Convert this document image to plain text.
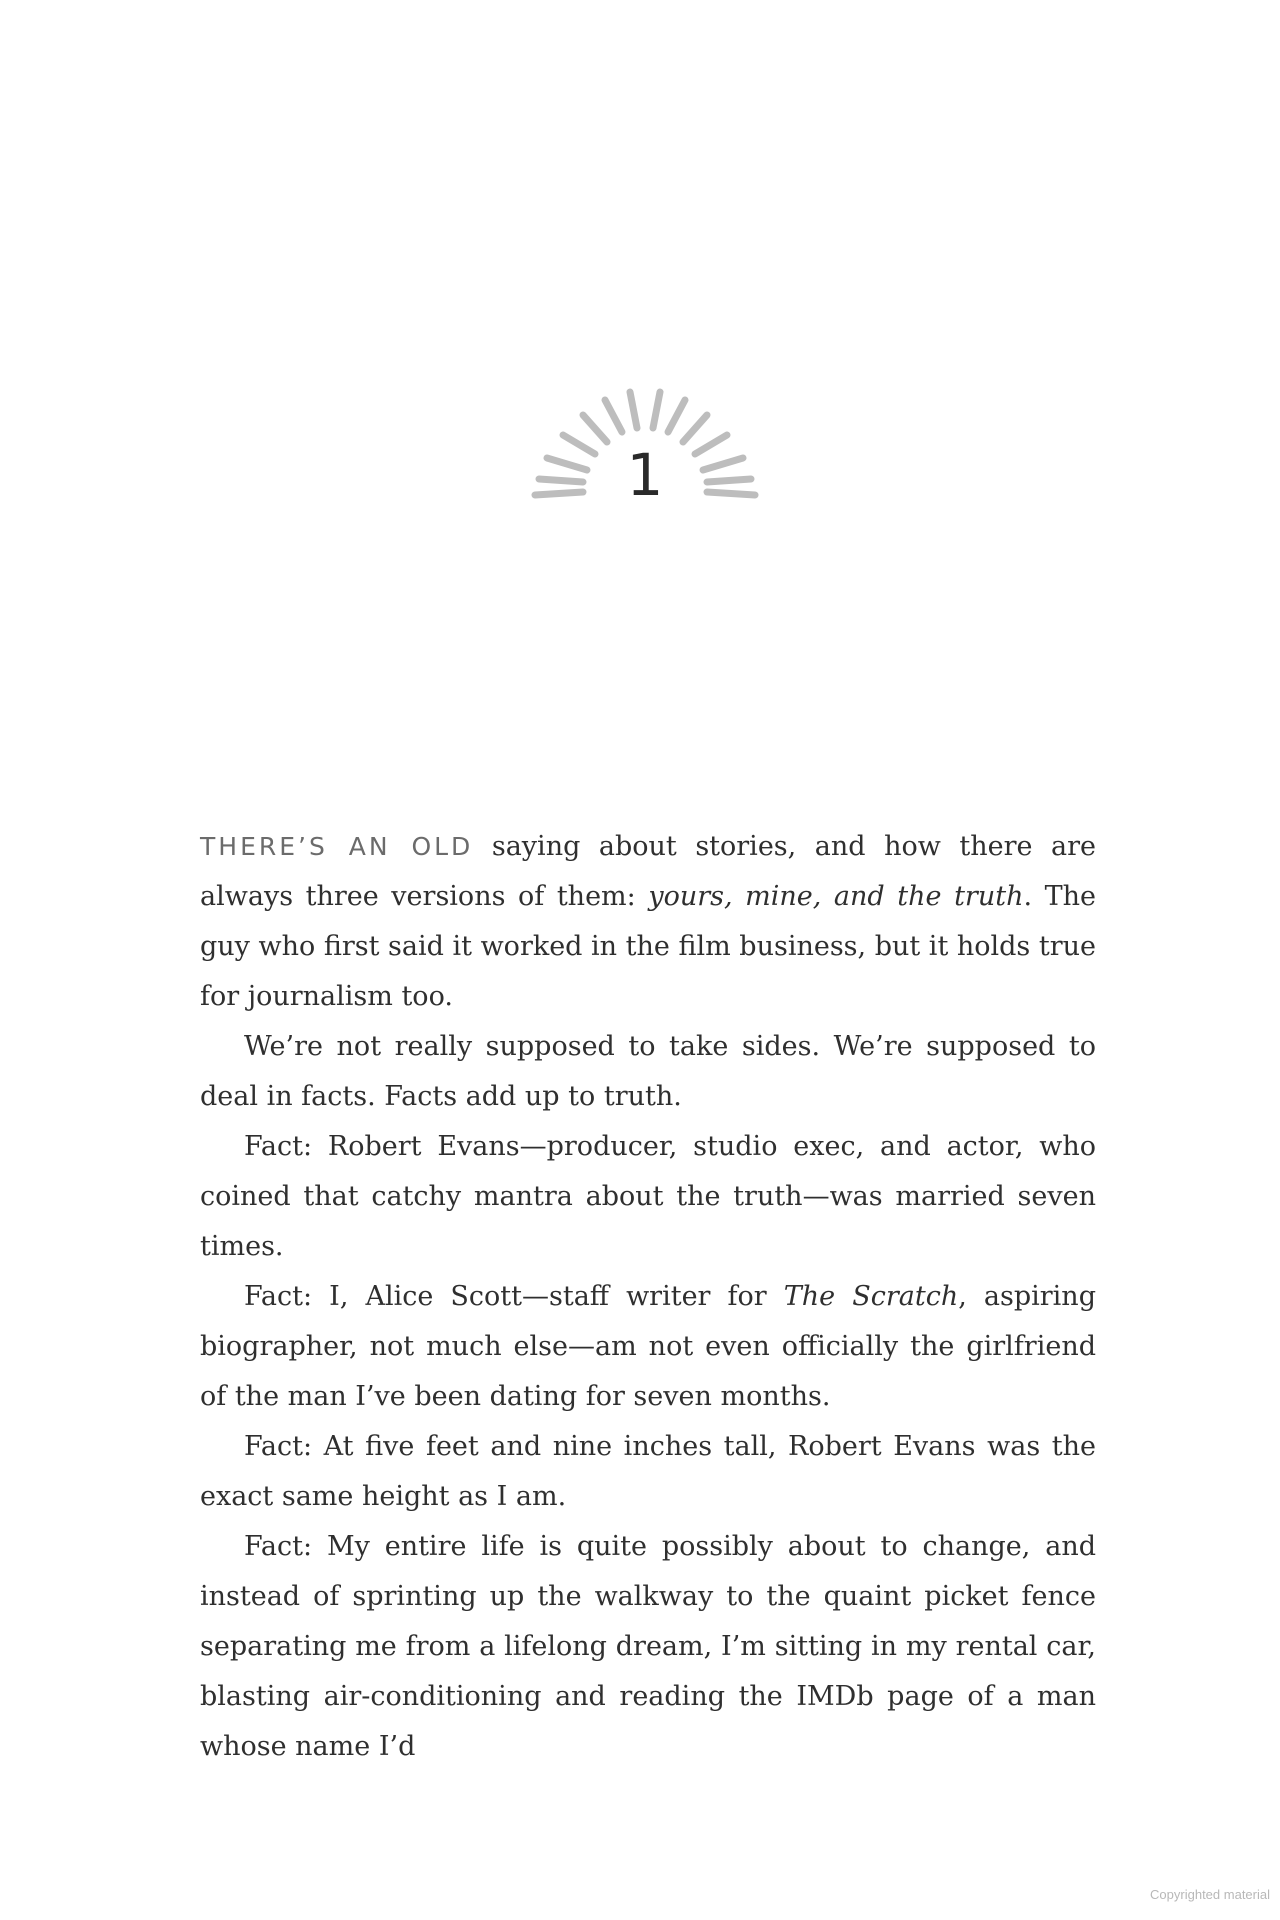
1

THERE’S AN OLD saying about stories, and how there are always three versions of them: yours, mine, and the truth. The guy who first said it worked in the film business, but it holds true for journalism too.

We’re not really supposed to take sides. We’re supposed to deal in facts. Facts add up to truth.

Fact: Robert Evans—producer, studio exec, and actor, who coined that catchy mantra about the truth—was married seven times.

Fact: I, Alice Scott—staff writer for The Scratch, aspiring biographer, not much else—am not even officially the girlfriend of the man I’ve been dating for seven months.

Fact: At five feet and nine inches tall, Robert Evans was the exact same height as I am.

Fact: My entire life is quite possibly about to change, and instead of sprinting up the walkway to the quaint picket fence separating me from a lifelong dream, I’m sitting in my rental car, blasting air-conditioning and reading the IMDb page of a man whose name I’d

Copyrighted material
